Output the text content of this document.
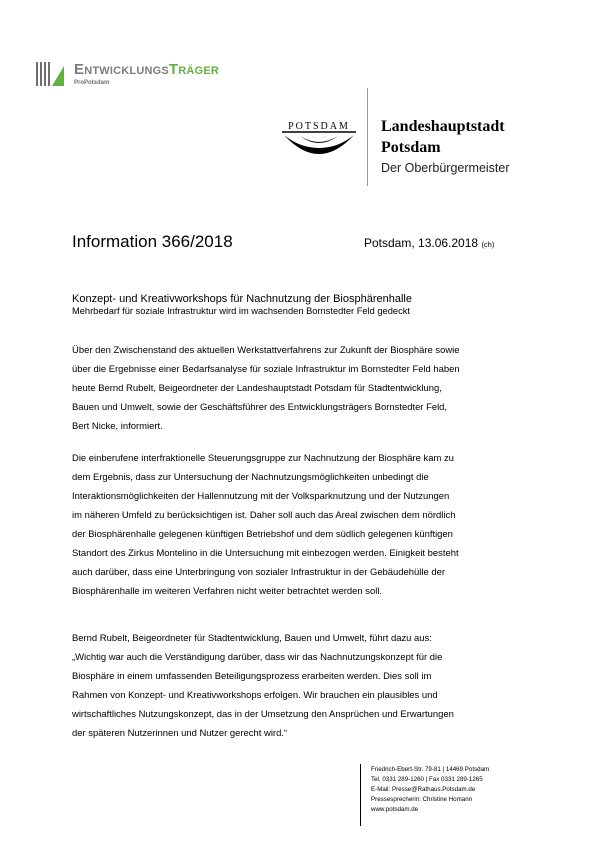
EntwicklungsTräger
ProPotsdam
POTSDAM Landeshauptstadt
Potsdam
Der Oberbürgermeister
Information 366/2018	Potsdam, 13.06.2018 (ch)
Konzept- und Kreativworkshops für Nachnutzung der Biosphärenhalle
Mehrbedarf für soziale Infrastruktur wird im wachsenden Bornstedter Feld gedeckt
Über den Zwischenstand des aktuellen Werkstattverfahrens zur Zukunft der Biosphäre sowie
über die Ergebnisse einer Bedarfsanalyse für soziale Infrastruktur im Bornstedter Feld haben
heute Bernd Rubelt, Beigeordneter der Landeshauptstadt Potsdam für Stadtentwicklung,
Bauen und Umwelt, sowie der Geschäftsführer des Entwicklungsträgers Bornstedter Feld,
Bert Nicke, informiert.
Die einberufene interfraktionelle Steuerungsgruppe zur Nachnutzung der Biosphäre kam zu
dem Ergebnis, dass zur Untersuchung der Nachnutzungsmöglichkeiten unbedingt die
Interaktionsmöglichkeiten der Hallennutzung mit der Volksparknutzung und der Nutzungen
im näheren Umfeld zu berücksichtigen ist. Daher soll auch das Areal zwischen dem nördlich
der Biosphärenhalle gelegenen künftigen Betriebshof und dem südlich gelegenen künftigen
Standort des Zirkus Montelino in die Untersuchung mit einbezogen werden. Einigkeit besteht
auch darüber, dass eine Unterbringung von sozialer Infrastruktur in der Gebäudehülle der
Biosphärenhalle im weiteren Verfahren nicht weiter betrachtet werden soll.
Bernd Rubelt, Beigeordneter für Stadtentwicklung, Bauen und Umwelt, führt dazu aus:
„Wichtig war auch die Verständigung darüber, dass wir das Nachnutzungskonzept für die
Biosphäre in einem umfassenden Beteiligungsprozess erarbeiten werden. Dies soll im
Rahmen von Konzept- und Kreativworkshops erfolgen. Wir brauchen ein plausibles und
wirtschaftliches Nutzungskonzept, das in der Umsetzung den Ansprüchen und Erwartungen
der späteren Nutzerinnen und Nutzer gerecht wird.“
Friedrich-Ebert-Str. 79-81 | 14469 Potsdam
Tel. 0331 289-1260 | Fax 0331 289-1265
E-Mail: Presse@Rathaus.Potsdam.de
Pressesprecherin: Christine Homann
www.potsdam.de
